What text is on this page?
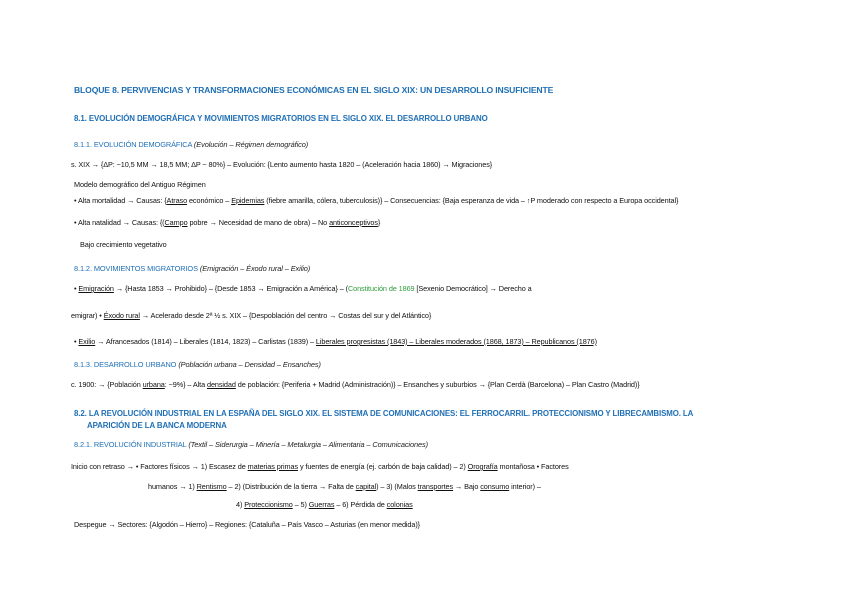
BLOQUE 8. PERVIVENCIAS Y TRANSFORMACIONES ECONÓMICAS EN EL SIGLO XIX: UN DESARROLLO INSUFICIENTE
8.1. EVOLUCIÓN DEMOGRÁFICA Y MOVIMIENTOS MIGRATORIOS EN EL SIGLO XIX. EL DESARROLLO URBANO
8.1.1. EVOLUCIÓN DEMOGRÁFICA (Evolución – Régimen demográfico)
s. XIX → {ΔP: ~10,5 MM → 18,5 MM; ΔP ~ 80%} – Evolución: {Lento aumento hasta 1820 – (Aceleración hacia 1860) → Migraciones}
Modelo demográfico del Antiguo Régimen
• Alta mortalidad → Causas: {Atraso económico – Epidemias (fiebre amarilla, cólera, tuberculosis)} – Consecuencias: {Baja esperanza de vida – ↑P moderado con respecto a Europa occidental}
• Alta natalidad → Causas: {(Campo pobre → Necesidad de mano de obra) – No anticonceptivos}
Bajo crecimiento vegetativo
8.1.2. MOVIMIENTOS MIGRATORIOS (Emigración – Éxodo rural – Exilio)
• Emigración → {Hasta 1853 → Prohibido} – {Desde 1853 → Emigración a América} – (Constitución de 1869 [Sexenio Democrático] → Derecho a
emigrar) • Éxodo rural → Acelerado desde 2ª ½ s. XIX – {Despoblación del centro → Costas del sur y del Atlántico}
• Exilio → Afrancesados (1814) – Liberales (1814, 1823) – Carlistas (1839) – Liberales progresistas (1843) – Liberales moderados (1868, 1873) – Republicanos (1876)
8.1.3. DESARROLLO URBANO (Población urbana – Densidad – Ensanches)
c. 1900: → {Población urbana: ~9%} – Alta densidad de población: {Periferia + Madrid (Administración)} – Ensanches y suburbios → {Plan Cerdà (Barcelona) – Plan Castro (Madrid)}
8.2. LA REVOLUCIÓN INDUSTRIAL EN LA ESPAÑA DEL SIGLO XIX. EL SISTEMA DE COMUNICACIONES: EL FERROCARRIL. PROTECCIONISMO Y LIBRECAMBISMO. LA
APARICIÓN DE LA BANCA MODERNA
8.2.1. REVOLUCIÓN INDUSTRIAL (Textil – Siderurgia – Minería – Metalurgia – Alimentaria – Comunicaciones)
Inicio con retraso → • Factores físicos → 1) Escasez de materias primas y fuentes de energía (ej. carbón de baja calidad) – 2) Orografía montañosa • Factores
humanos → 1) Rentismo – 2) (Distribución de la tierra → Falta de capital) – 3) (Malos transportes → Bajo consumo interior) –
4) Proteccionismo – 5) Guerras – 6) Pérdida de colonias
Despegue → Sectores: {Algodón – Hierro} – Regiones: {Cataluña – País Vasco – Asturias (en menor medida)}
